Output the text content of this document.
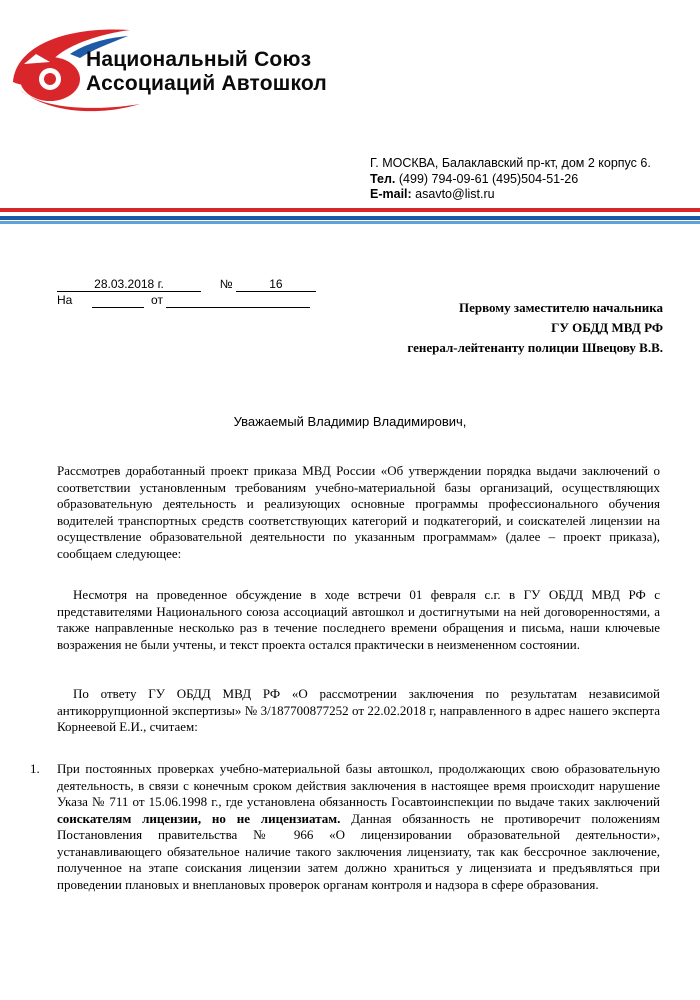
Национальный Союз
Ассоциаций Автошкол
Г. МОСКВА, Балаклавский пр-кт, дом 2 корпус 6.
Тел. (499) 794-09-61 (495)504-51-26
E-mail: asavto@list.ru
28.03.2018 г.	№	16
На	от	Первому заместителю начальника
ГУ ОБДД МВД РФ
генерал-лейтенанту полиции Швецову В.В.
Уважаемый Владимир Владимирович,
Рассмотрев доработанный проект приказа МВД России «Об утверждении порядка выдачи заключений о соответствии установленным требованиям учебно-материальной базы организаций, осуществляющих образовательную деятельность и реализующих основные программы профессионального обучения водителей транспортных средств соответствующих категорий и подкатегорий, и соискателей лицензии на осуществление образовательной деятельности по указанным программам» (далее – проект приказа), сообщаем следующее:
Несмотря на проведенное обсуждение в ходе встречи 01 февраля с.г. в ГУ ОБДД МВД РФ с представителями Национального союза ассоциаций автошкол и достигнутыми на ней договоренностями, а также направленные несколько раз в течение последнего времени обращения и письма, наши ключевые возражения не были учтены, и текст проекта остался практически в неизмененном состоянии.
По ответу ГУ ОБДД МВД РФ «О рассмотрении заключения по результатам независимой антикоррупционной экспертизы» № 3/187700877252 от 22.02.2018 г, направленного в адрес нашего эксперта Корнеевой Е.И., считаем:
1. При постоянных проверках учебно-материальной базы автошкол, продолжающих свою образовательную деятельность, в связи с конечным сроком действия заключения в настоящее время происходит нарушение Указа № 711 от 15.06.1998 г., где установлена обязанность Госавтоинспекции по выдаче таких заключений соискателям лицензии, но не лицензиатам. Данная обязанность не противоречит положениям Постановления правительства № 966 «О лицензировании образовательной деятельности», устанавливающего обязательное наличие такого заключения лицензиату, так как бессрочное заключение, полученное на этапе соискания лицензии затем должно храниться у лицензиата и предъявляться при проведении плановых и внеплановых проверок органам контроля и надзора в сфере образования.
